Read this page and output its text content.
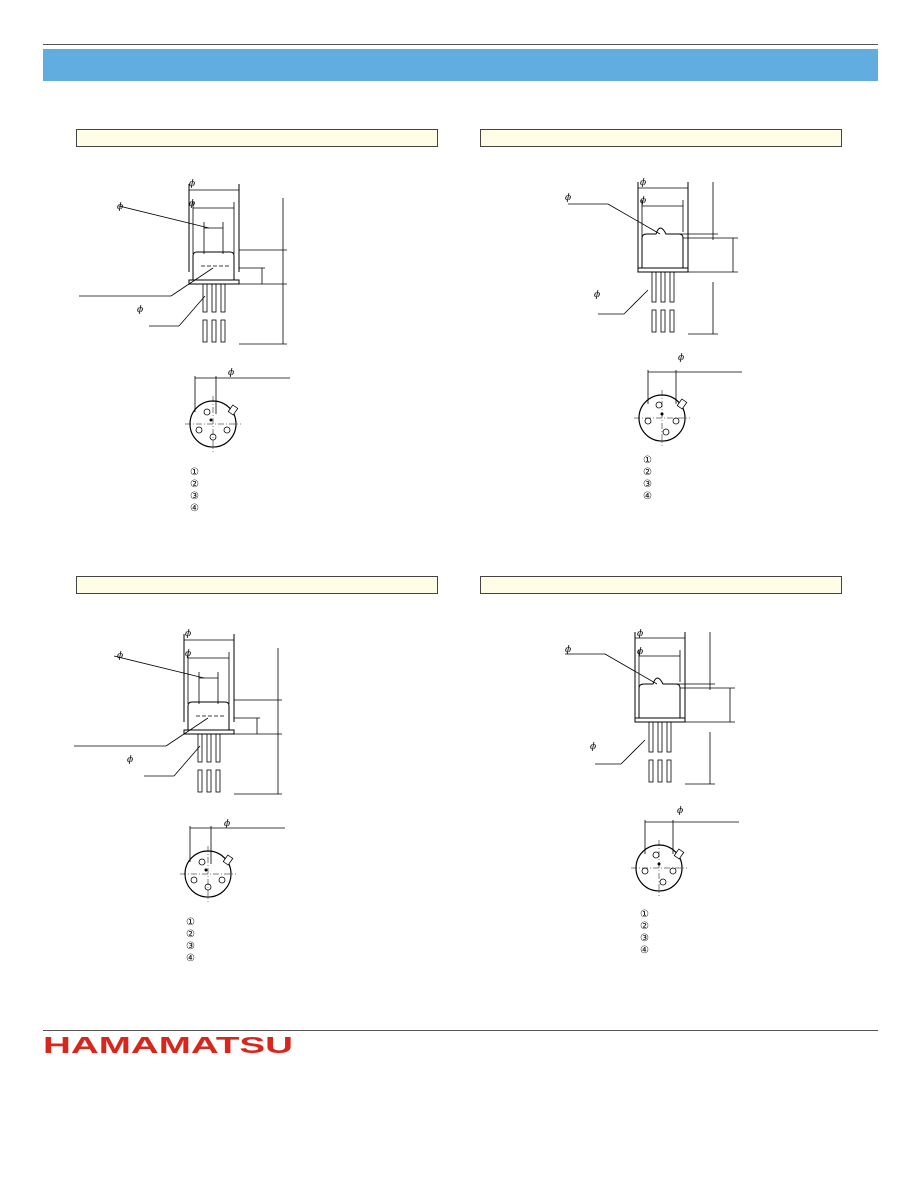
ϕ
ϕ
ϕ
ϕ
ϕ
①
②
③
④
ϕ
ϕ
ϕ
ϕ
ϕ
①
②
③
④
ϕ
ϕ
ϕ
ϕ
ϕ
①
②
③
④
ϕ
ϕ
ϕ
ϕ
ϕ
①
②
③
④
HAMAMATSU
